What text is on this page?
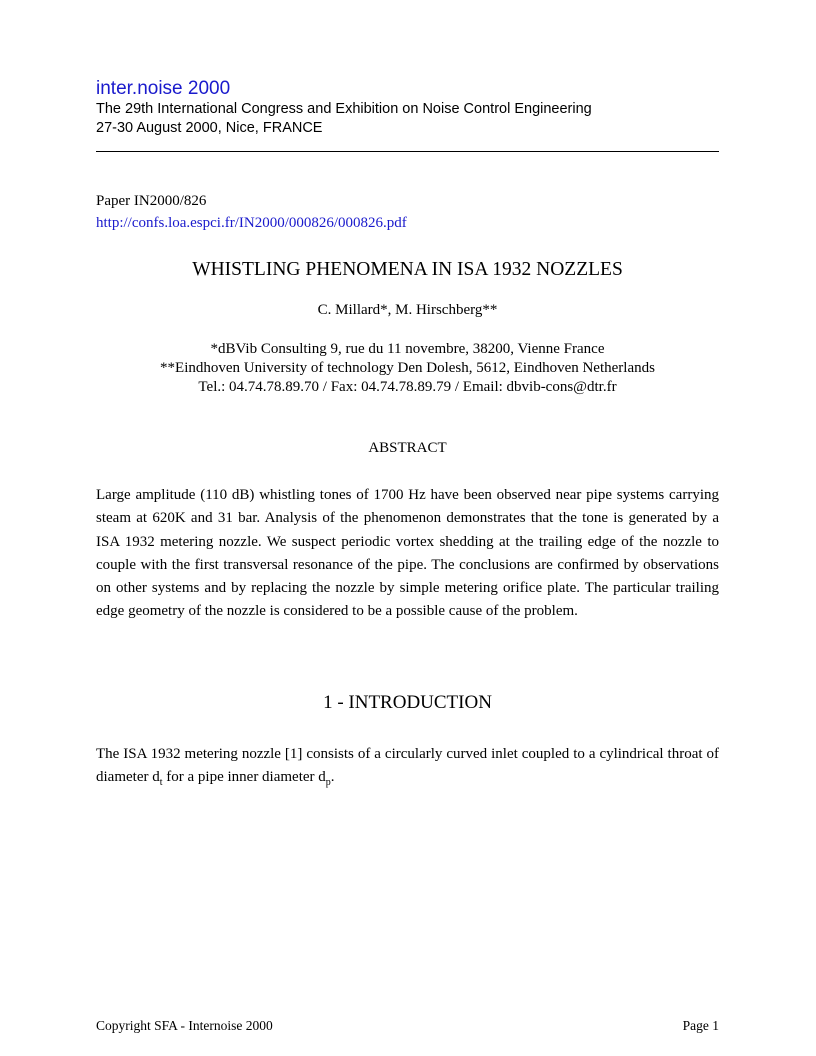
inter.noise 2000

The 29th International Congress and Exhibition on Noise Control Engineering

27-30 August 2000, Nice, FRANCE

Paper IN2000/826

http://confs.loa.espci.fr/IN2000/000826/000826.pdf
WHISTLING PHENOMENA IN ISA 1932 NOZZLES

C. Millard*, M. Hirschberg**

*dBVib Consulting 9, rue du 11 novembre, 38200, Vienne France
**Eindhoven University of technology Den Dolesh, 5612, Eindhoven Netherlands
Tel.: 04.74.78.89.70 / Fax: 04.74.78.89.79 / Email: dbvib-cons@dtr.fr
ABSTRACT

Large amplitude (110 dB) whistling tones of 1700 Hz have been observed near pipe systems carrying steam at 620K and 31 bar. Analysis of the phenomenon demonstrates that the tone is generated by a ISA 1932 metering nozzle. We suspect periodic vortex shedding at the trailing edge of the nozzle to couple with the first transversal resonance of the pipe. The conclusions are confirmed by observations on other systems and by replacing the nozzle by simple metering orifice plate. The particular trailing edge geometry of the nozzle is considered to be a possible cause of the problem.

1 - INTRODUCTION

The ISA 1932 metering nozzle [1] consists of a circularly curved inlet coupled to a cylindrical throat of diameter $d_t$ for a pipe inner diameter $d_p$.

Copyright SFA - Internoise 2000	Page 1
